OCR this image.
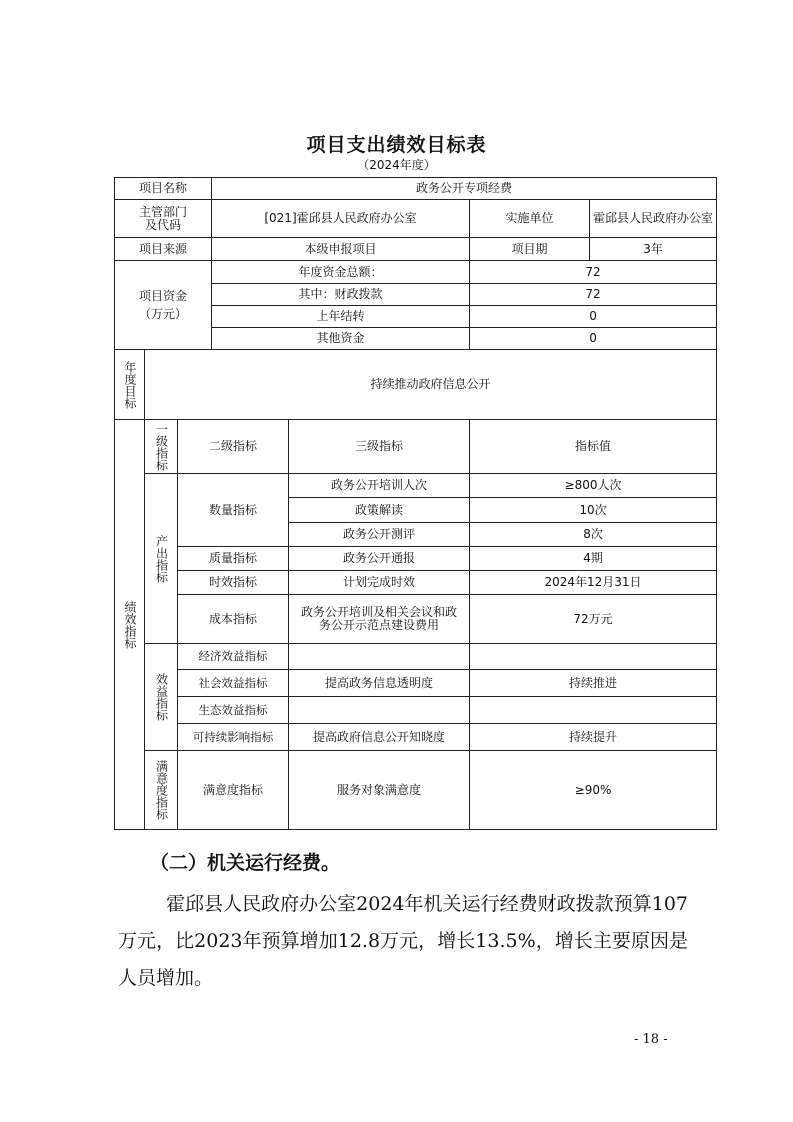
项目支出绩效目标表
（2024年度）
项目名称			政务公开专项经费			
主管部门
及代码			[021]霍邱县人民政府办公室		实施单位	霍邱县人民政府办公室
项目来源			本级申报项目		项目期	3年
项目资金
（万元）			年度资金总额：		72	
			其中：财政拨款		72	
			上年结转		0	
			其他资金		0	
年度目标	持续推动政府信息公开					
绩效指标	一级指标	二级指标		三级指标	指标值	
	产出指标	数量指标		政务公开培训人次	≥800人次	
				政策解读	10次	
				政务公开测评	8次	
		质量指标		政务公开通报	4期	
		时效指标		计划完成时效	2024年12月31日	
		成本指标		政务公开培训及相关会议和政务公开示范点建设费用	72万元	
	效益指标	经济效益指标				
		社会效益指标		提高政务信息透明度	持续推进	
		生态效益指标				
		可持续影响指标		提高政府信息公开知晓度	持续提升	
	满意度指标	满意度指标		服务对象满意度	≥90%	
（二）机关运行经费。
霍邱县人民政府办公室2024年机关运行经费财政拨款预算107万元，比2023年预算增加12.8万元，增长13.5%，增长主要原因是人员增加。
- 18 -
